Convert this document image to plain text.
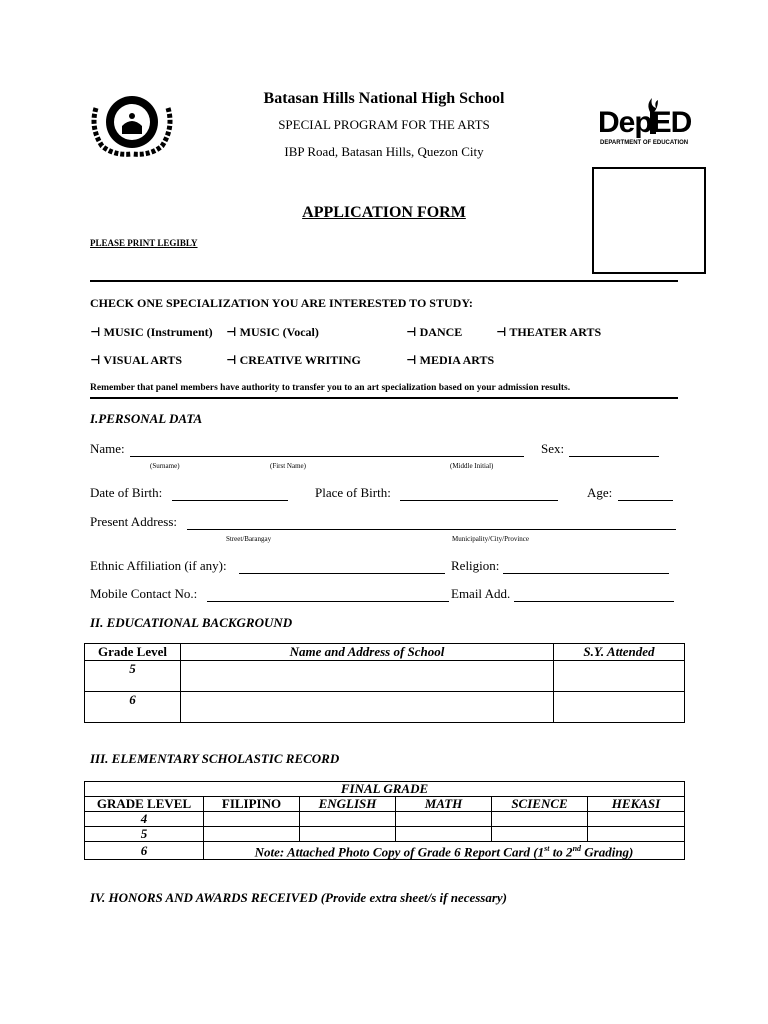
Batasan Hills National High School
SPECIAL PROGRAM FOR THE ARTS
IBP Road, Batasan Hills, Quezon City
DepED
DEPARTMENT OF EDUCATION
APPLICATION FORM
PLEASE PRINT LEGIBLY
CHECK ONE SPECIALIZATION YOU ARE INTERESTED TO STUDY:
⊣ MUSIC (Instrument) ⊣ MUSIC (Vocal)	⊣ DANCE	⊣ THEATER ARTS
⊣ VISUAL ARTS	⊣ CREATIVE WRITING	⊣ MEDIA ARTS
Remember that panel members have authority to transfer you to an art specialization based on your admission results.
I.PERSONAL DATA
Name:	Sex:
(Surname)	(First Name)	(Middle Initial)
Date of Birth:	Place of Birth:	Age:
Present Address:
Street/Barangay	Municipality/City/Province
Ethnic Affiliation (if any):	Religion:
Mobile Contact No.:	Email Add.
II. EDUCATIONAL BACKGROUND
Grade Level	Name and Address of School	S.Y. Attended
5		
6		
III. ELEMENTARY SCHOLASTIC RECORD
FINAL GRADE					
GRADE LEVEL	FILIPINO	ENGLISH	MATH	SCIENCE	HEKASI
4					
5					
6	Note: Attached Photo Copy of Grade 6 Report Card (1st to 2nd Grading)				
IV. HONORS AND AWARDS RECEIVED (Provide extra sheet/s if necessary)
